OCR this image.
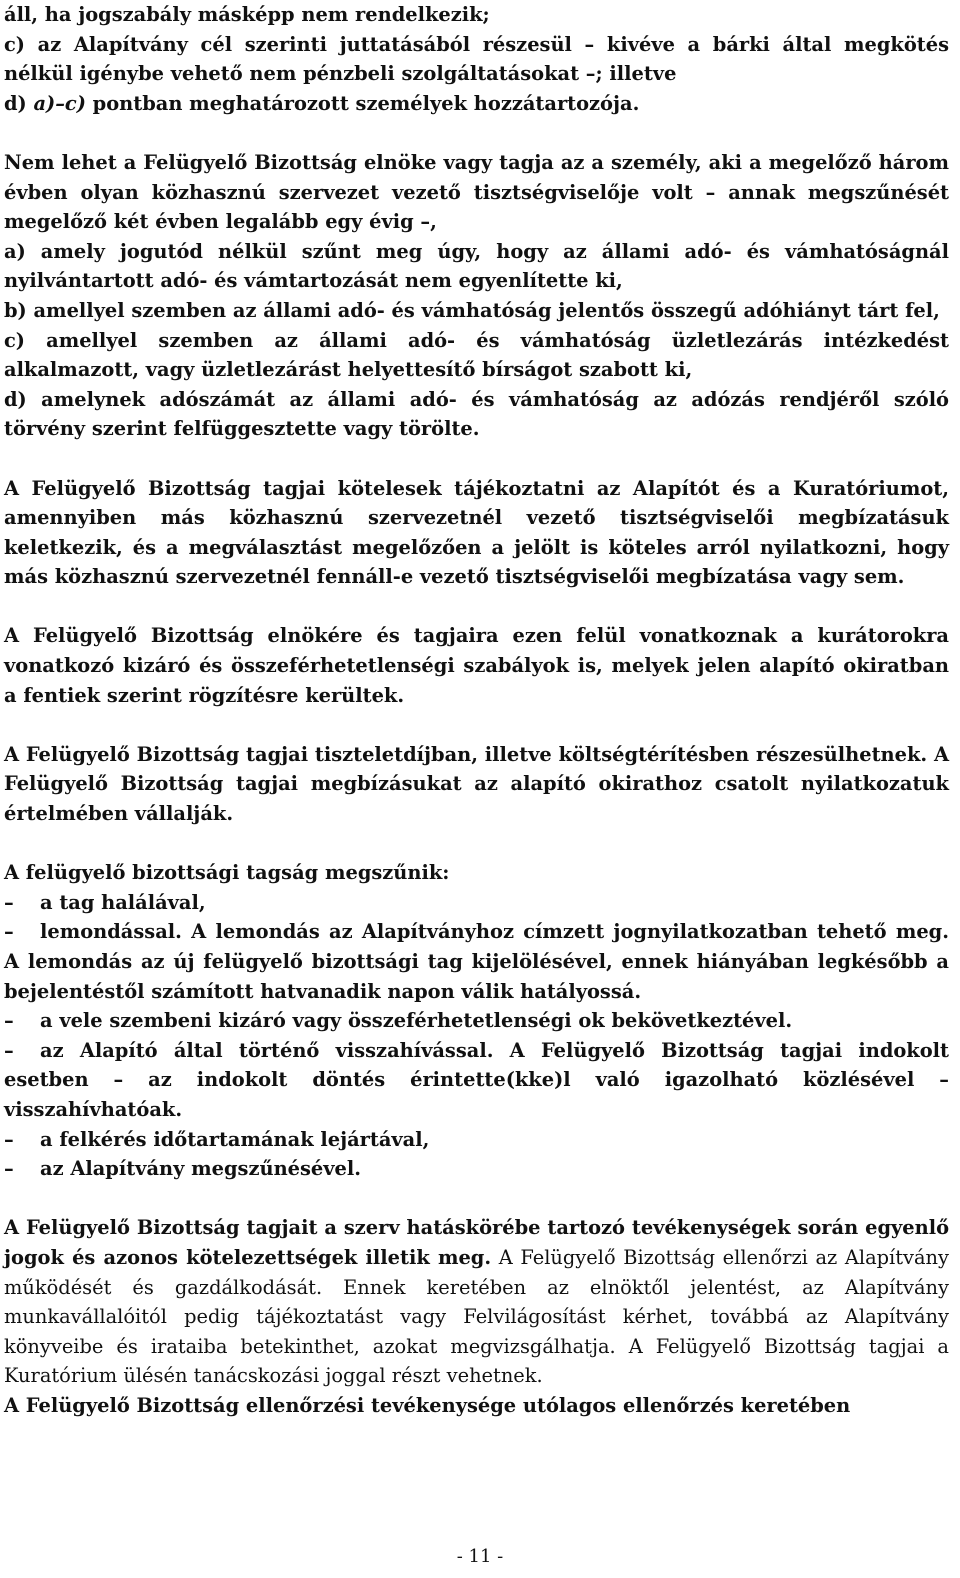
áll, ha jogszabály másképp nem rendelkezik;

c) az Alapítvány cél szerinti juttatásából részesül – kivéve a bárki által megkötés nélkül igénybe vehető nem pénzbeli szolgáltatásokat –; illetve

d) a)–c) pontban meghatározott személyek hozzátartozója.

Nem lehet a Felügyelő Bizottság elnöke vagy tagja az a személy, aki a megelőző három évben olyan közhasznú szervezet vezető tisztségviselője volt – annak megszűnését megelőző két évben legalább egy évig –,

a) amely jogutód nélkül szűnt meg úgy, hogy az állami adó- és vámhatóságnál nyilvántartott adó- és vámtartozását nem egyenlítette ki,

b) amellyel szemben az állami adó- és vámhatóság jelentős összegű adóhiányt tárt fel,

c) amellyel szemben az állami adó- és vámhatóság üzletlezárás intézkedést alkalmazott, vagy üzletlezárást helyettesítő bírságot szabott ki,

d) amelynek adószámát az állami adó- és vámhatóság az adózás rendjéről szóló törvény szerint felfüggesztette vagy törölte.

A Felügyelő Bizottság tagjai kötelesek tájékoztatni az Alapítót és a Kuratóriumot, amennyiben más közhasznú szervezetnél vezető tisztségviselői megbízatásuk keletkezik, és a megválasztást megelőzően a jelölt is köteles arról nyilatkozni, hogy más közhasznú szervezetnél fennáll-e vezető tisztségviselői megbízatása vagy sem.

A Felügyelő Bizottság elnökére és tagjaira ezen felül vonatkoznak a kurátorokra vonatkozó kizáró és összeférhetetlenségi szabályok is, melyek jelen alapító okiratban a fentiek szerint rögzítésre kerültek.

A Felügyelő Bizottság tagjai tiszteletdíjban, illetve költségtérítésben részesülhetnek. A Felügyelő Bizottság tagjai megbízásukat az alapító okirathoz csatolt nyilatkozatuk értelmében vállalják.

A felügyelő bizottsági tagság megszűnik:

–	a tag halálával,

–	lemondással. A lemondás az Alapítványhoz címzett jognyilatkozatban tehető meg. A lemondás az új felügyelő bizottsági tag kijelölésével, ennek hiányában legkésőbb a bejelentéstől számított hatvanadik napon válik hatályossá.

–	a vele szembeni kizáró vagy összeférhetetlenségi ok bekövetkeztével.

–	az Alapító által történő visszahívással. A Felügyelő Bizottság tagjai indokolt esetben – az indokolt döntés érintette(kke)l való igazolható közlésével – visszahívhatóak.

–	a felkérés időtartamának lejártával,

–	az Alapítvány megszűnésével.

A Felügyelő Bizottság tagjait a szerv hatáskörébe tartozó tevékenységek során egyenlő jogok és azonos kötelezettségek illetik meg. A Felügyelő Bizottság ellenőrzi az Alapítvány működését és gazdálkodását. Ennek keretében az elnöktől jelentést, az Alapítvány munkavállalóitól pedig tájékoztatást vagy Felvilágosítást kérhet, továbbá az Alapítvány könyveibe és irataiba betekinthet, azokat megvizsgálhatja. A Felügyelő Bizottság tagjai a Kuratórium ülésén tanácskozási joggal részt vehetnek.

A Felügyelő Bizottság ellenőrzési tevékenysége utólagos ellenőrzés keretében

- 11 -
